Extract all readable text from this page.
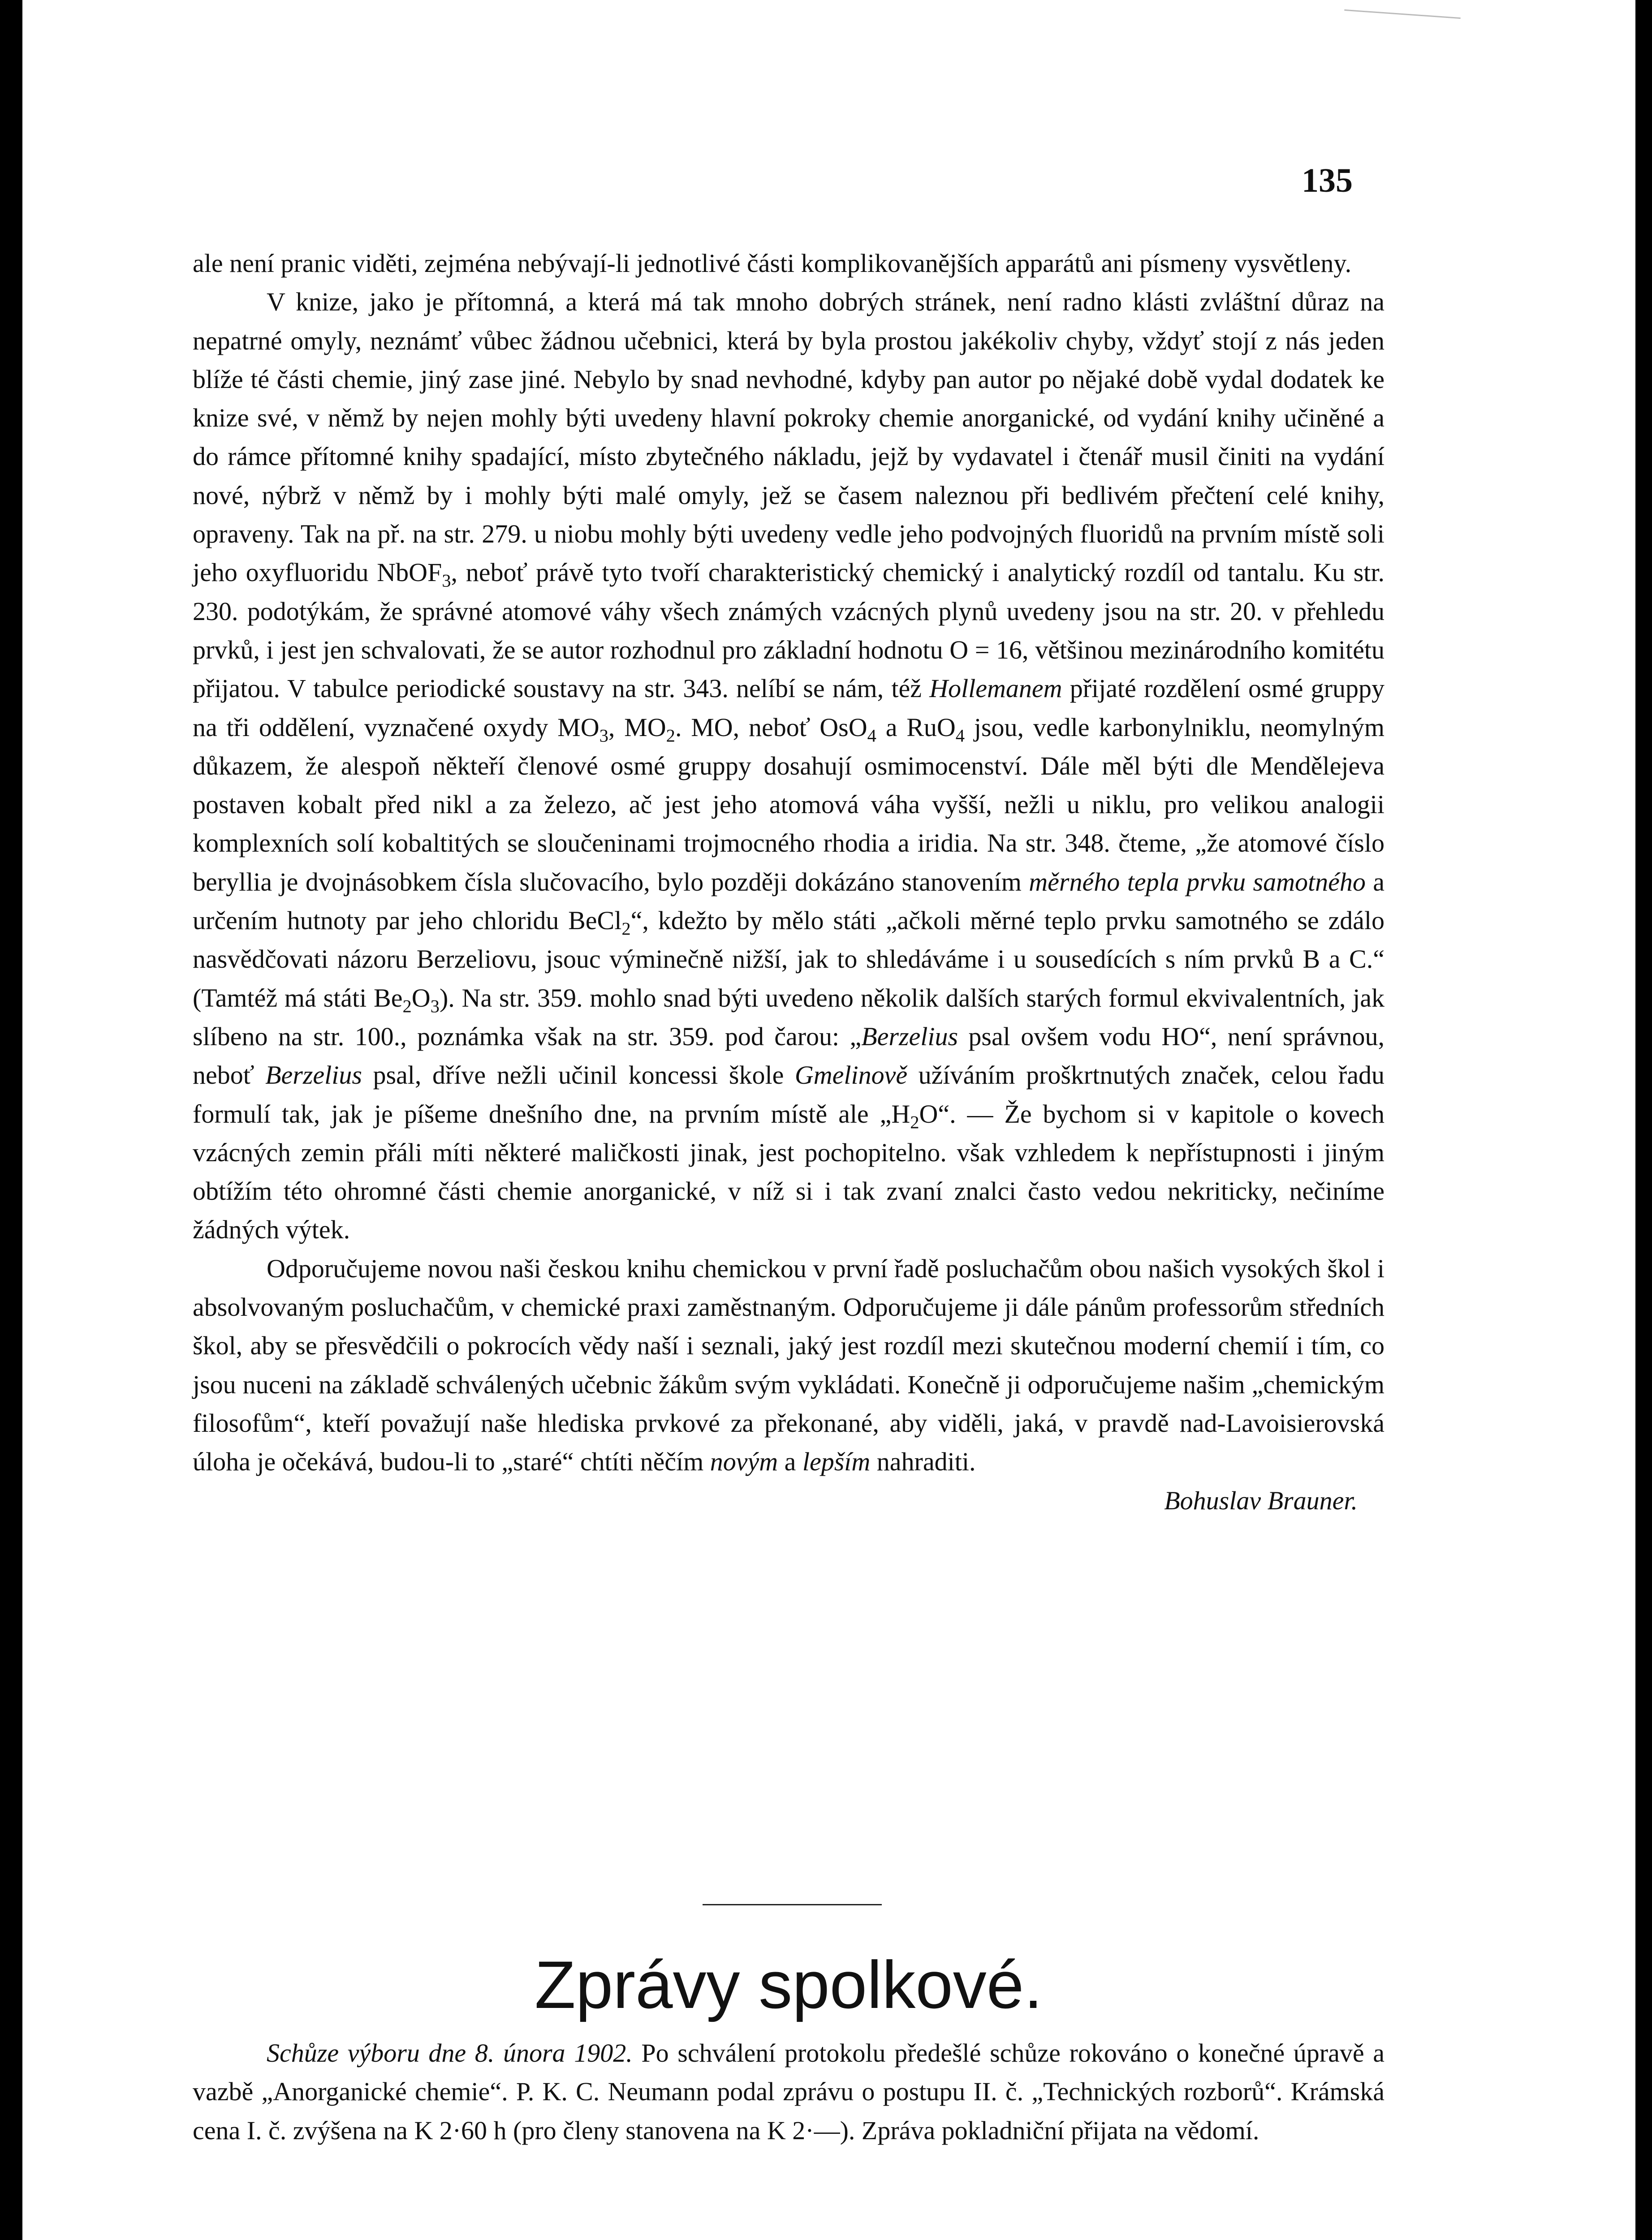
135

ale není pranic viděti, zejména nebývají-li jednotlivé části komplikovanějších apparátů ani písmeny vysvětleny.

V knize, jako je přítomná, a která má tak mnoho dobrých stránek, není radno klásti zvláštní důraz na nepatrné omyly, neznámť vůbec žádnou učebnici, která by byla prostou jakékoliv chyby, vždyť stojí z nás jeden blíže té části chemie, jiný zase jiné. Nebylo by snad nevhodné, kdyby pan autor po nějaké době vydal dodatek ke knize své, v němž by nejen mohly býti uvedeny hlavní pokroky chemie anorganické, od vydání knihy učiněné a do rámce přítomné knihy spadající, místo zbytečného nákladu, jejž by vydavatel i čtenář musil činiti na vydání nové, nýbrž v němž by i mohly býti malé omyly, jež se časem naleznou při bedlivém přečtení celé knihy, opraveny. Tak na př. na str. 279. u niobu mohly býti uvedeny vedle jeho podvojných fluoridů na prvním místě soli jeho oxyfluoridu NbOF$_3$, neboť právě tyto tvoří charakteristický chemický i analytický rozdíl od tantalu. Ku str. 230. podotýkám, že správné atomové váhy všech známých vzácných plynů uvedeny jsou na str. 20. v přehledu prvků, i jest jen schvalovati, že se autor rozhodnul pro základní hodnotu O = 16, většinou mezinárodního komitétu přijatou. V tabulce periodické soustavy na str. 343. nelíbí se nám, též Hollemanem přijaté rozdělení osmé gruppy na tři oddělení, vyznačené oxydy $MO_3$, $MO_2$. MO, neboť OsO$_4$ a RuO$_4$ jsou, vedle karbonylniklu, neomylným důkazem, že alespoň někteří členové osmé gruppy dosahují osmimocenství. Dále měl býti dle Mendělejeva postaven kobalt před nikl a za železo, ač jest jeho atomová váha vyšší, nežli u niklu, pro velikou analogii komplexních solí kobaltitých se sloučeninami trojmocného rhodia a iridia. Na str. 348. čteme, „že atomové číslo beryllia je dvojnásobkem čísla slučovacího, bylo později dokázáno stanovením měrného tepla prvku samotného a určením hutnoty par jeho chloridu BeCl$_2$“, kdežto by mělo státi „ačkoli měrné teplo prvku samotného se zdálo nasvědčovati názoru Berzeliovu, jsouc výminečně nižší, jak to shledáváme i u sousedících s ním prvků B a C.“ (Tamtéž má státi $Be_2O_3$). Na str. 359. mohlo snad býti uvedeno několik dalších starých formul ekvivalentních, jak slíbeno na str. 100., poznámka však na str. 359. pod čarou: „Berzelius psal ovšem vodu HO“, není správnou, neboť Berzelius psal, dříve nežli učinil koncessi škole Gmelinově užíváním proškrtnutých značek, celou řadu formulí tak, jak je píšeme dnešního dne, na prvním místě ale $„H_2O“$. — Že bychom si v kapitole o kovech vzácných zemin přáli míti některé maličkosti jinak, jest pochopitelno. však vzhledem k nepřístupnosti i jiným obtížím této ohromné části chemie anorganické, v níž si i tak zvaní znalci často vedou nekriticky, nečiníme žádných výtek.

Odporučujeme novou naši českou knihu chemickou v první řadě posluchačům obou našich vysokých škol i absolvovaným posluchačům, v chemické praxi zaměstnaným. Odporučujeme ji dále pánům professorům středních škol, aby se přesvědčili o pokrocích vědy naší i seznali, jaký jest rozdíl mezi skutečnou moderní chemií i tím, co jsou nuceni na základě schválených učebnic žákům svým vykládati. Konečně ji odporučujeme našim „chemickým filosofům“, kteří považují naše hlediska prvkové za překonané, aby viděli, jaká, v pravdě nad-Lavoisierovská úloha je očekává, budou-li to „staré“ chtíti něčím novým a lepším nahraditi.

Bohuslav Brauner.

Zprávy spolkové.

Schůze výboru dne 8. února 1902. Po schválení protokolu předešlé schůze rokováno o konečné úpravě a vazbě „Anorganické chemie“. P. K. C. Neumann podal zprávu o postupu II. č. „Technických rozborů“. Krámská cena I. č. zvýšena na K 2·60 h (pro členy stanovena na K 2·—). Zpráva pokladniční přijata na vědomí.
